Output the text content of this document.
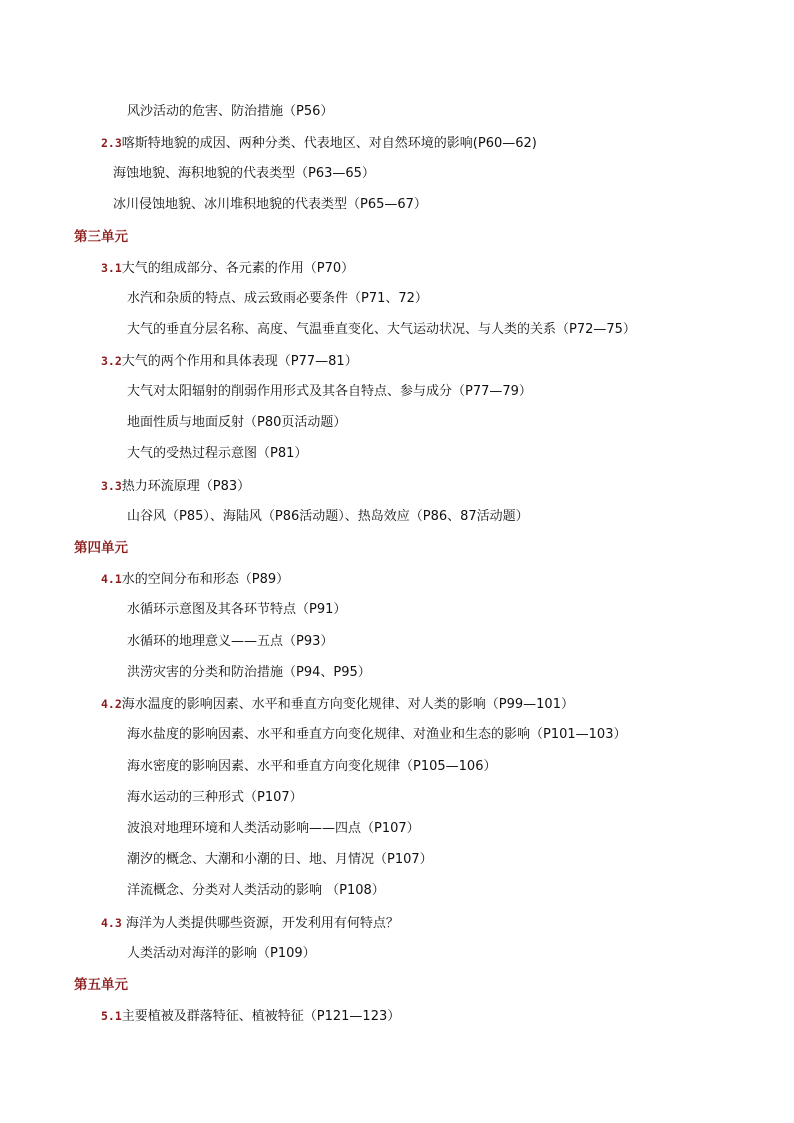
风沙活动的危害、防治措施（P56）
2.3喀斯特地貌的成因、两种分类、代表地区、对自然环境的影响(P60—62)
海蚀地貌、海积地貌的代表类型（P63—65）
冰川侵蚀地貌、冰川堆积地貌的代表类型（P65—67）
第三单元
3.1大气的组成部分、各元素的作用（P70）
水汽和杂质的特点、成云致雨必要条件（P71、72）
大气的垂直分层名称、高度、气温垂直变化、大气运动状况、与人类的关系（P72—75）
3.2大气的两个作用和具体表现（P77—81）
大气对太阳辐射的削弱作用形式及其各自特点、参与成分（P77—79）
地面性质与地面反射（P80页活动题）
大气的受热过程示意图（P81）
3.3热力环流原理（P83）
山谷风（P85）、海陆风（P86活动题）、热岛效应（P86、87活动题）
第四单元
4.1水的空间分布和形态（P89）
水循环示意图及其各环节特点（P91）
水循环的地理意义——五点（P93）
洪涝灾害的分类和防治措施（P94、P95）
4.2海水温度的影响因素、水平和垂直方向变化规律、对人类的影响（P99—101）
海水盐度的影响因素、水平和垂直方向变化规律、对渔业和生态的影响（P101—103）
海水密度的影响因素、水平和垂直方向变化规律（P105—106）
海水运动的三种形式（P107）
波浪对地理环境和人类活动影响——四点（P107）
潮汐的概念、大潮和小潮的日、地、月情况（P107）
洋流概念、分类对人类活动的影响 （P108）
4.3 海洋为人类提供哪些资源，开发利用有何特点？
人类活动对海洋的影响（P109）
第五单元
5.1主要植被及群落特征、植被特征（P121—123）
